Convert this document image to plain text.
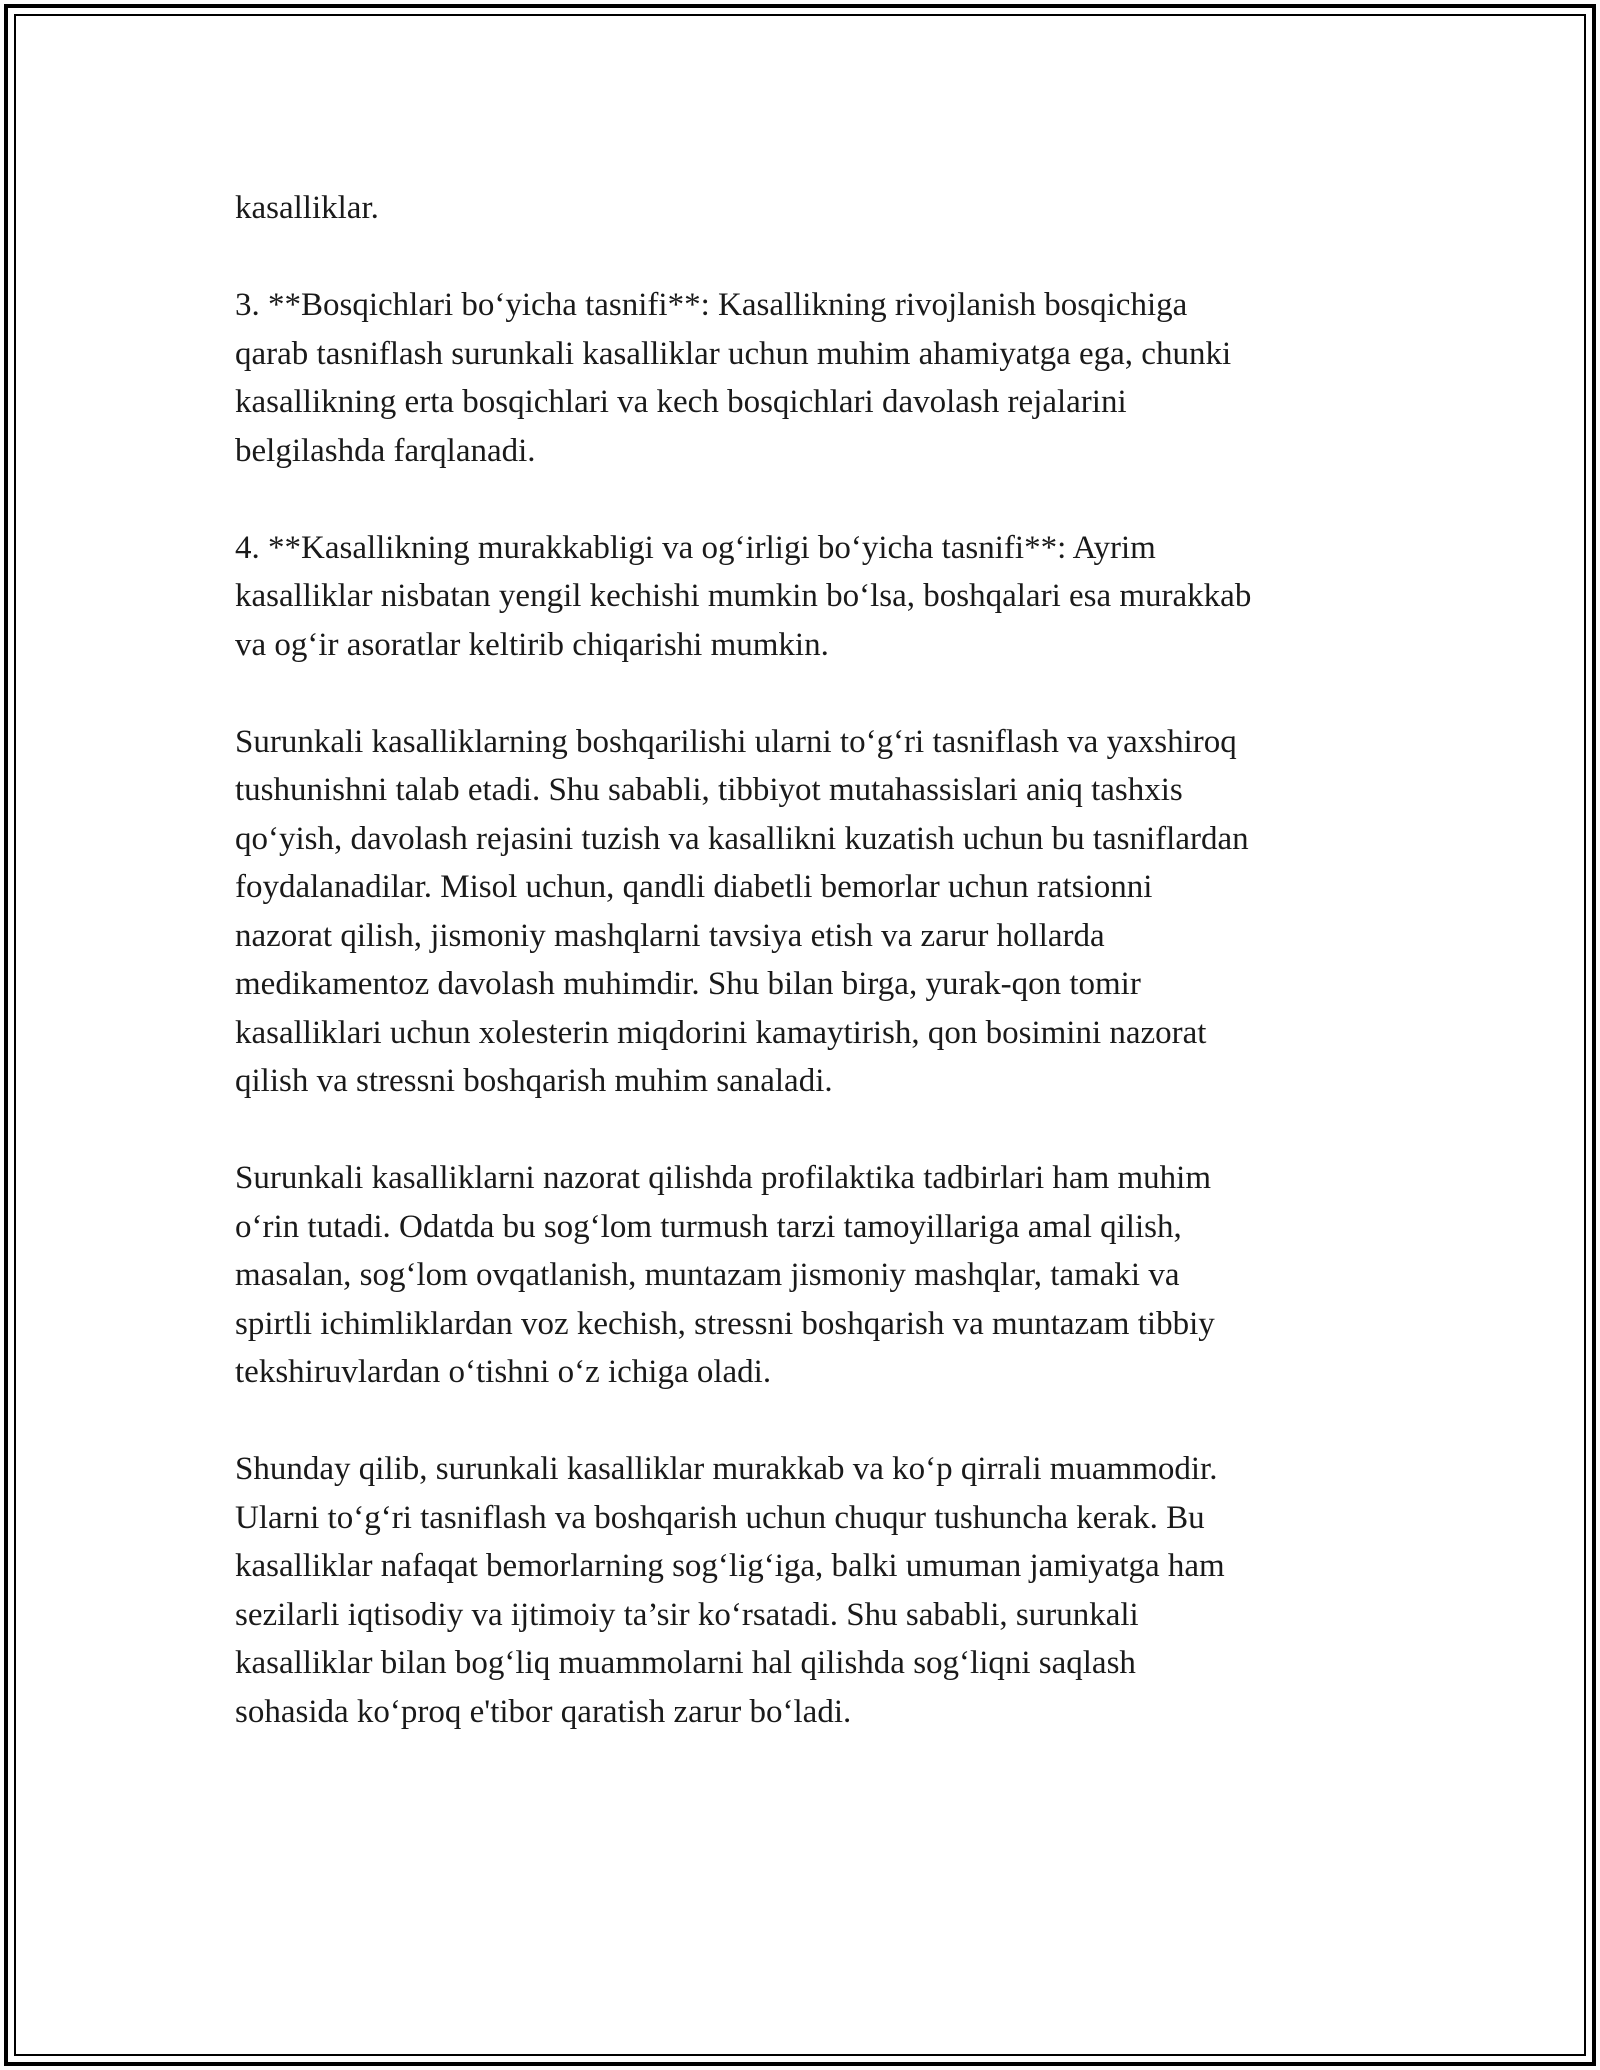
kasalliklar.
3. **Bosqichlari bo‘yicha tasnifi**: Kasallikning rivojlanish bosqichiga
qarab tasniflash surunkali kasalliklar uchun muhim ahamiyatga ega, chunki
kasallikning erta bosqichlari va kech bosqichlari davolash rejalarini
belgilashda farqlanadi.
4. **Kasallikning murakkabligi va og‘irligi bo‘yicha tasnifi**: Ayrim
kasalliklar nisbatan yengil kechishi mumkin bo‘lsa, boshqalari esa murakkab
va og‘ir asoratlar keltirib chiqarishi mumkin.
Surunkali kasalliklarning boshqarilishi ularni to‘g‘ri tasniflash va yaxshiroq
tushunishni talab etadi. Shu sababli, tibbiyot mutahassislari aniq tashxis
qo‘yish, davolash rejasini tuzish va kasallikni kuzatish uchun bu tasniflardan
foydalanadilar. Misol uchun, qandli diabetli bemorlar uchun ratsionni
nazorat qilish, jismoniy mashqlarni tavsiya etish va zarur hollarda
medikamentoz davolash muhimdir. Shu bilan birga, yurak-qon tomir
kasalliklari uchun xolesterin miqdorini kamaytirish, qon bosimini nazorat
qilish va stressni boshqarish muhim sanaladi.
Surunkali kasalliklarni nazorat qilishda profilaktika tadbirlari ham muhim
o‘rin tutadi. Odatda bu sog‘lom turmush tarzi tamoyillariga amal qilish,
masalan, sog‘lom ovqatlanish, muntazam jismoniy mashqlar, tamaki va
spirtli ichimliklardan voz kechish, stressni boshqarish va muntazam tibbiy
tekshiruvlardan o‘tishni o‘z ichiga oladi.
Shunday qilib, surunkali kasalliklar murakkab va ko‘p qirrali muammodir.
Ularni to‘g‘ri tasniflash va boshqarish uchun chuqur tushuncha kerak. Bu
kasalliklar nafaqat bemorlarning sog‘lig‘iga, balki umuman jamiyatga ham
sezilarli iqtisodiy va ijtimoiy ta’sir ko‘rsatadi. Shu sababli, surunkali
kasalliklar bilan bog‘liq muammolarni hal qilishda sog‘liqni saqlash
sohasida ko‘proq e'tibor qaratish zarur bo‘ladi.
